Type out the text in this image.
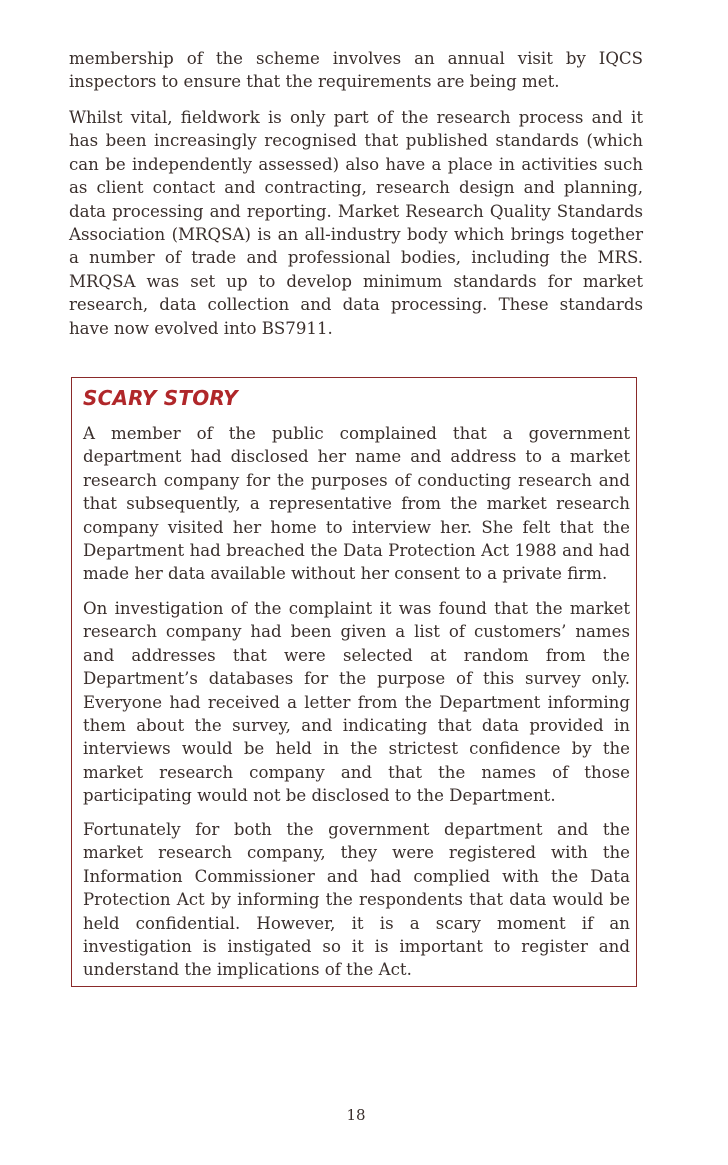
membership of the scheme involves an annual visit by IQCS inspectors to ensure that the requirements are being met.

Whilst vital, fieldwork is only part of the research process and it has been increasingly recognised that published standards (which can be independently assessed) also have a place in activities such as client contact and contracting, research design and planning, data processing and reporting. Market Research Quality Standards Association (MRQSA) is an all-industry body which brings together a number of trade and professional bodies, including the MRS. MRQSA was set up to develop minimum standards for market research, data collection and data processing. These standards have now evolved into BS7911.

SCARY STORY

A member of the public complained that a government department had disclosed her name and address to a market research company for the purposes of conducting research and that subsequently, a representative from the market research company visited her home to interview her. She felt that the Department had breached the Data Protection Act 1988 and had made her data available without her consent to a private firm.

On investigation of the complaint it was found that the market research company had been given a list of customers’ names and addresses that were selected at random from the Department’s databases for the purpose of this survey only. Everyone had received a letter from the Department informing them about the survey, and indicating that data provided in interviews would be held in the strictest confidence by the market research company and that the names of those participating would not be disclosed to the Department.

Fortunately for both the government department and the market research company, they were registered with the Information Commissioner and had complied with the Data Protection Act by informing the respondents that data would be held confidential. However, it is a scary moment if an investigation is instigated so it is important to register and understand the implications of the Act.

18
